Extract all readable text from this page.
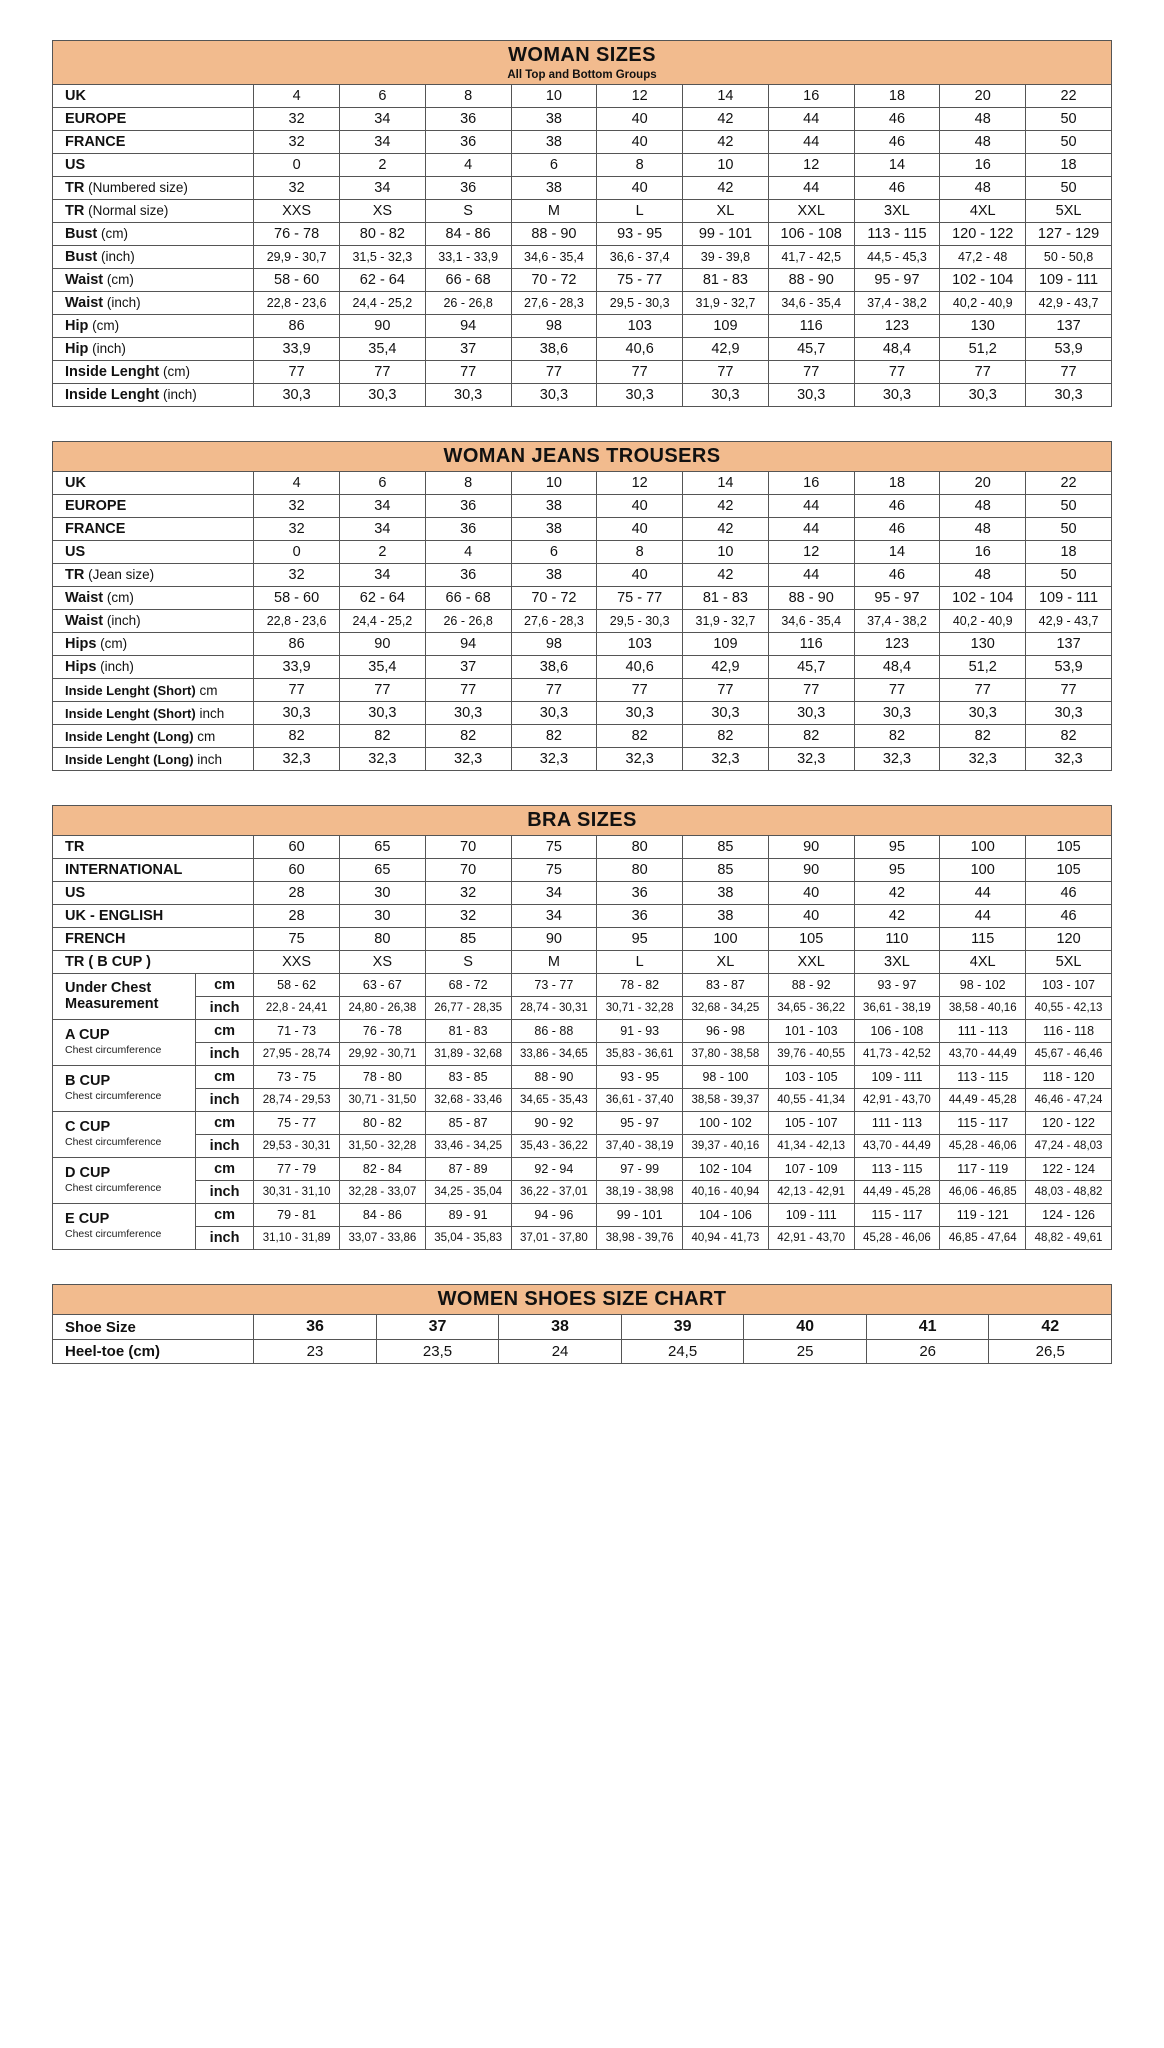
WOMAN SIZES
All Top and Bottom Groups										

UK	4	6	8	10	12	14	16	18	20	22
EUROPE	32	34	36	38	40	42	44	46	48	50
FRANCE	32	34	36	38	40	42	44	46	48	50
US	0	2	4	6	8	10	12	14	16	18
TR (Numbered size)	32	34	36	38	40	42	44	46	48	50
TR (Normal size)	XXS	XS	S	M	L	XL	XXL	3XL	4XL	5XL
Bust (cm)	76 - 78	80 - 82	84 - 86	88 - 90	93 - 95	99 - 101	106 - 108	113 - 115	120 - 122	127 - 129
Bust (inch)	29,9 - 30,7	31,5 - 32,3	33,1 - 33,9	34,6 - 35,4	36,6 - 37,4	39 - 39,8	41,7 - 42,5	44,5 - 45,3	47,2 - 48	50 - 50,8
Waist (cm)	58 - 60	62 - 64	66 - 68	70 - 72	75 - 77	81 - 83	88 - 90	95 - 97	102 - 104	109 - 111
Waist (inch)	22,8 - 23,6	24,4 - 25,2	26 - 26,8	27,6 - 28,3	29,5 - 30,3	31,9 - 32,7	34,6 - 35,4	37,4 - 38,2	40,2 - 40,9	42,9 - 43,7
Hip (cm)	86	90	94	98	103	109	116	123	130	137
Hip (inch)	33,9	35,4	37	38,6	40,6	42,9	45,7	48,4	51,2	53,9
Inside Lenght (cm)	77	77	77	77	77	77	77	77	77	77
Inside Lenght (inch)	30,3	30,3	30,3	30,3	30,3	30,3	30,3	30,3	30,3	30,3
WOMAN JEANS TROUSERS										

UK	4	6	8	10	12	14	16	18	20	22
EUROPE	32	34	36	38	40	42	44	46	48	50
FRANCE	32	34	36	38	40	42	44	46	48	50
US	0	2	4	6	8	10	12	14	16	18
TR (Jean size)	32	34	36	38	40	42	44	46	48	50
Waist (cm)	58 - 60	62 - 64	66 - 68	70 - 72	75 - 77	81 - 83	88 - 90	95 - 97	102 - 104	109 - 111
Waist (inch)	22,8 - 23,6	24,4 - 25,2	26 - 26,8	27,6 - 28,3	29,5 - 30,3	31,9 - 32,7	34,6 - 35,4	37,4 - 38,2	40,2 - 40,9	42,9 - 43,7
Hips (cm)	86	90	94	98	103	109	116	123	130	137
Hips (inch)	33,9	35,4	37	38,6	40,6	42,9	45,7	48,4	51,2	53,9
Inside Lenght (Short) cm	77	77	77	77	77	77	77	77	77	77
Inside Lenght (Short) inch	30,3	30,3	30,3	30,3	30,3	30,3	30,3	30,3	30,3	30,3
Inside Lenght (Long) cm	82	82	82	82	82	82	82	82	82	82
Inside Lenght (Long) inch	32,3	32,3	32,3	32,3	32,3	32,3	32,3	32,3	32,3	32,3
BRA SIZES											

TR		60	65	70	75	80	85	90	95	100	105
INTERNATIONAL		60	65	70	75	80	85	90	95	100	105
US		28	30	32	34	36	38	40	42	44	46
UK - ENGLISH		28	30	32	34	36	38	40	42	44	46
FRENCH		75	80	85	90	95	100	105	110	115	120
TR ( B CUP )		XXS	XS	S	M	L	XL	XXL	3XL	4XL	5XL

Under Chest
Measurement	cm	58 - 62	63 - 67	68 - 72	73 - 77	78 - 82	83 - 87	88 - 92	93 - 97	98 - 102	103 - 107
	inch	22,8 - 24,41	24,80 - 26,38	26,77 - 28,35	28,74 - 30,31	30,71 - 32,28	32,68 - 34,25	34,65 - 36,22	36,61 - 38,19	38,58 - 40,16	40,55 - 42,13

A CUP
Chest circumference	cm	71 - 73	76 - 78	81 - 83	86 - 88	91 - 93	96 - 98	101 - 103	106 - 108	111 - 113	116 - 118
	inch	27,95 - 28,74	29,92 - 30,71	31,89 - 32,68	33,86 - 34,65	35,83 - 36,61	37,80 - 38,58	39,76 - 40,55	41,73 - 42,52	43,70 - 44,49	45,67 - 46,46

B CUP
Chest circumference	cm	73 - 75	78 - 80	83 - 85	88 - 90	93 - 95	98 - 100	103 - 105	109 - 111	113 - 115	118 - 120
	inch	28,74 - 29,53	30,71 - 31,50	32,68 - 33,46	34,65 - 35,43	36,61 - 37,40	38,58 - 39,37	40,55 - 41,34	42,91 - 43,70	44,49 - 45,28	46,46 - 47,24

C CUP
Chest circumference	cm	75 - 77	80 - 82	85 - 87	90 - 92	95 - 97	100 - 102	105 - 107	111 - 113	115 - 117	120 - 122
	inch	29,53 - 30,31	31,50 - 32,28	33,46 - 34,25	35,43 - 36,22	37,40 - 38,19	39,37 - 40,16	41,34 - 42,13	43,70 - 44,49	45,28 - 46,06	47,24 - 48,03

D CUP
Chest circumference	cm	77 - 79	82 - 84	87 - 89	92 - 94	97 - 99	102 - 104	107 - 109	113 - 115	117 - 119	122 - 124
	inch	30,31 - 31,10	32,28 - 33,07	34,25 - 35,04	36,22 - 37,01	38,19 - 38,98	40,16 - 40,94	42,13 - 42,91	44,49 - 45,28	46,06 - 46,85	48,03 - 48,82

E CUP
Chest circumference	cm	79 - 81	84 - 86	89 - 91	94 - 96	99 - 101	104 - 106	109 - 111	115 - 117	119 - 121	124 - 126
	inch	31,10 - 31,89	33,07 - 33,86	35,04 - 35,83	37,01 - 37,80	38,98 - 39,76	40,94 - 41,73	42,91 - 43,70	45,28 - 46,06	46,85 - 47,64	48,82 - 49,61
WOMEN SHOES SIZE CHART							

Shoe Size	36	37	38	39	40	41	42
Heel-toe (cm)	23	23,5	24	24,5	25	26	26,5
